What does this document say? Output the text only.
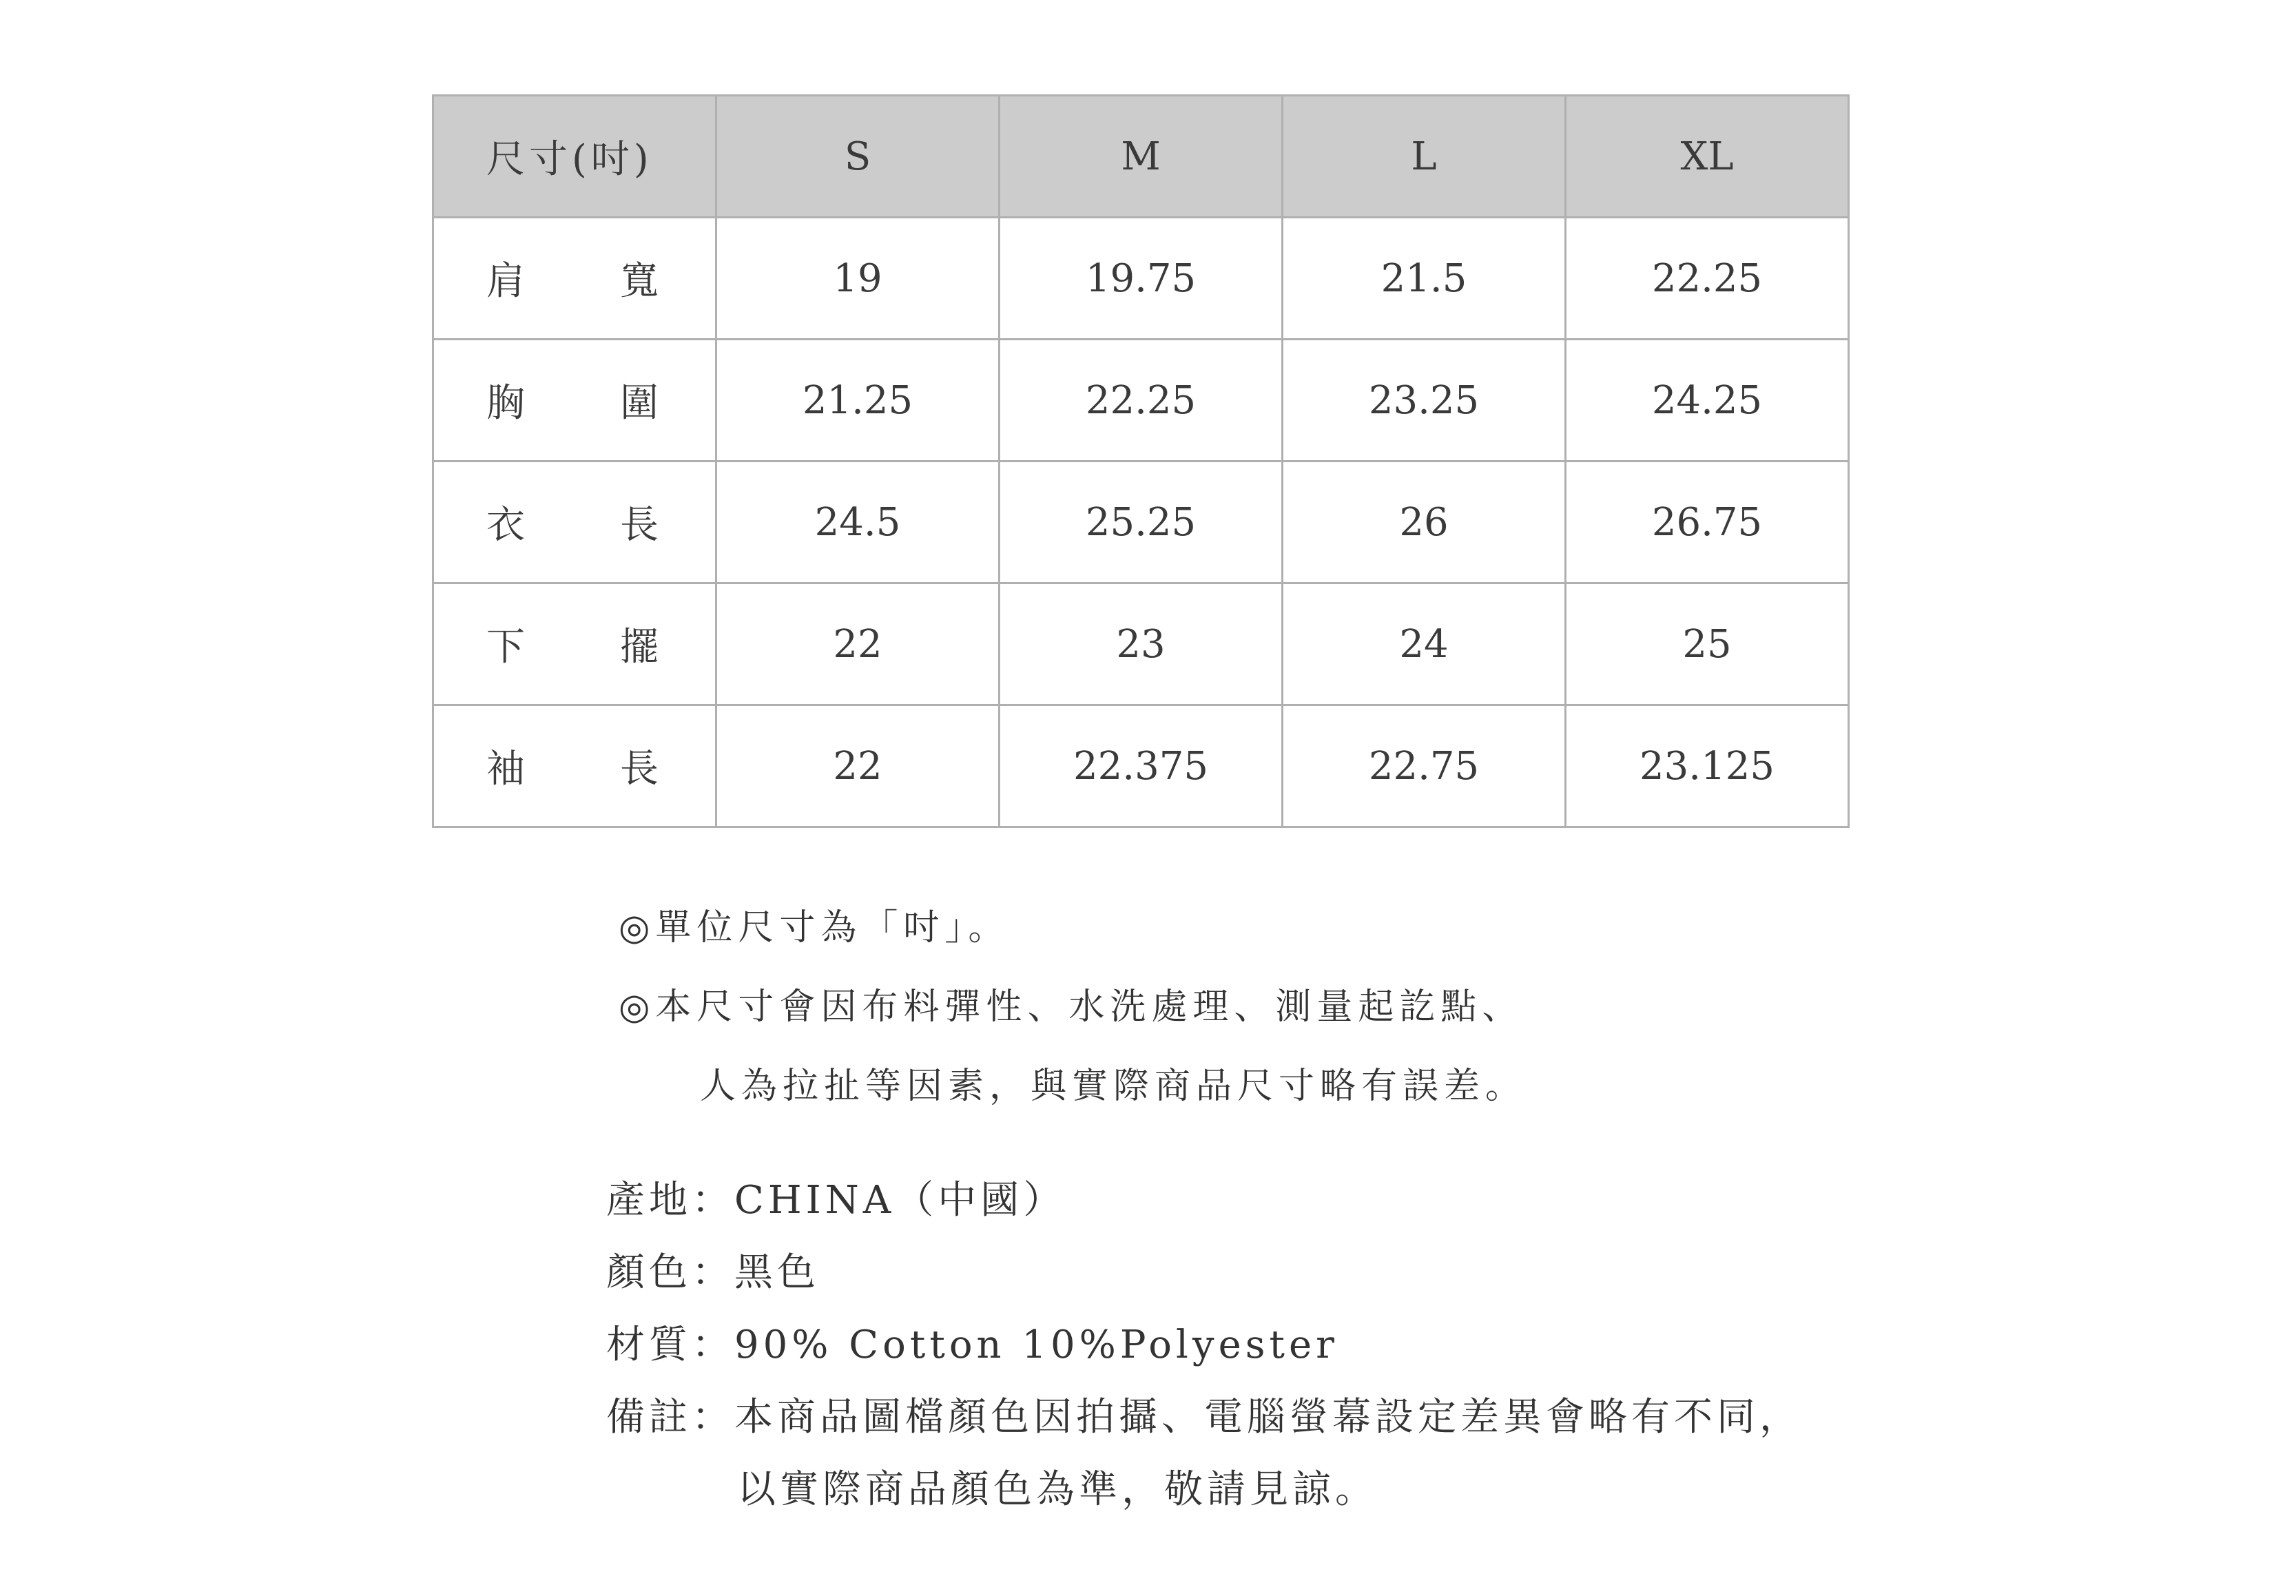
尺寸(吋)	S	M	L	XL

肩 寬	19	19.75	21.5	22.25

胸 圍	21.25	22.25	23.25	24.25

衣 長	24.5	25.25	26	26.75

下 擺	22	23	24	25

袖 長	22	22.375	22.75	23.125
◎單位尺寸為「吋」。
◎本尺寸會因布料彈性、水洗處理、測量起訖點、
人為拉扯等因素，與實際商品尺寸略有誤差。
產地： CHINA（中國）
顏色： 黑色
材質： 90% Cotton 10%Polyester
備註： 本商品圖檔顏色因拍攝、電腦螢幕設定差異會略有不同，
以實際商品顏色為準，敬請見諒。
